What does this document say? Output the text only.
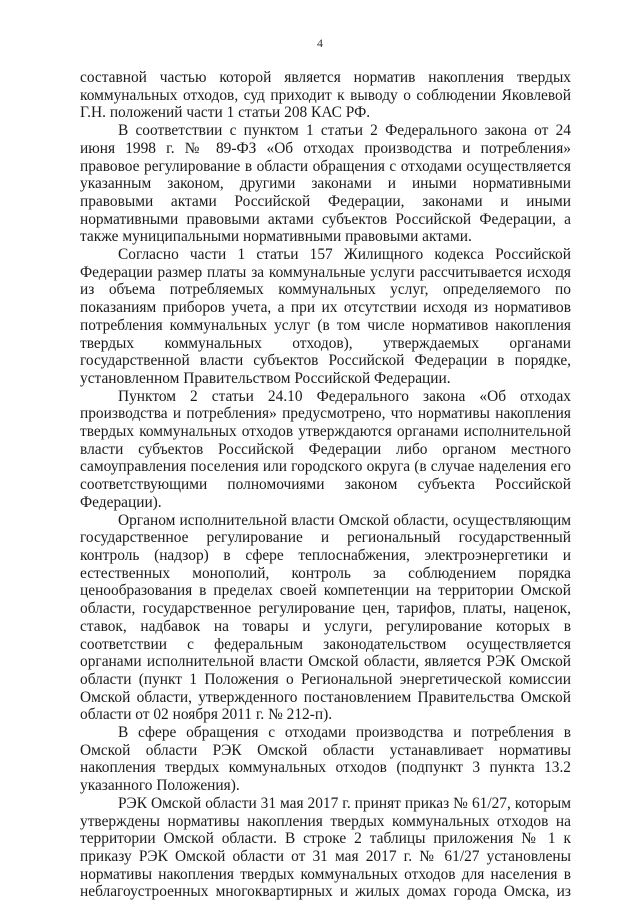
4

составной частью которой является норматив накопления твердых коммунальных отходов, суд приходит к выводу о соблюдении Яковлевой Г.Н. положений части 1 статьи 208 КАС РФ.

В соответствии с пунктом 1 статьи 2 Федерального закона от 24 июня 1998 г. № 89-ФЗ «Об отходах производства и потребления» правовое регулирование в области обращения с отходами осуществляется указанным законом, другими законами и иными нормативными правовыми актами Российской Федерации, законами и иными нормативными правовыми актами субъектов Российской Федерации, а также муниципальными нормативными правовыми актами.

Согласно части 1 статьи 157 Жилищного кодекса Российской Федерации размер платы за коммунальные услуги рассчитывается исходя из объема потребляемых коммунальных услуг, определяемого по показаниям приборов учета, а при их отсутствии исходя из нормативов потребления коммунальных услуг (в том числе нормативов накопления твердых коммунальных отходов), утверждаемых органами государственной власти субъектов Российской Федерации в порядке, установленном Правительством Российской Федерации.

Пунктом 2 статьи 24.10 Федерального закона «Об отходах производства и потребления» предусмотрено, что нормативы накопления твердых коммунальных отходов утверждаются органами исполнительной власти субъектов Российской Федерации либо органом местного самоуправления поселения или городского округа (в случае наделения его соответствующими полномочиями законом субъекта Российской Федерации).

Органом исполнительной власти Омской области, осуществляющим государственное регулирование и региональный государственный контроль (надзор) в сфере теплоснабжения, электроэнергетики и естественных монополий, контроль за соблюдением порядка ценообразования в пределах своей компетенции на территории Омской области, государственное регулирование цен, тарифов, платы, наценок, ставок, надбавок на товары и услуги, регулирование которых в соответствии с федеральным законодательством осуществляется органами исполнительной власти Омской области, является РЭК Омской области (пункт 1 Положения о Региональной энергетической комиссии Омской области, утвержденного постановлением Правительства Омской области от 02 ноября 2011 г. № 212-п).

В сфере обращения с отходами производства и потребления в Омской области РЭК Омской области устанавливает нормативы накопления твердых коммунальных отходов (подпункт 3 пункта 13.2 указанного Положения).

РЭК Омской области 31 мая 2017 г. принят приказ № 61/27, которым утверждены нормативы накопления твердых коммунальных отходов на территории Омской области. В строке 2 таблицы приложения № 1 к приказу РЭК Омской области от 31 мая 2017 г. № 61/27 установлены нормативы накопления твердых коммунальных отходов для населения в неблагоустроенных многоквартирных и жилых домах города Омска, из
